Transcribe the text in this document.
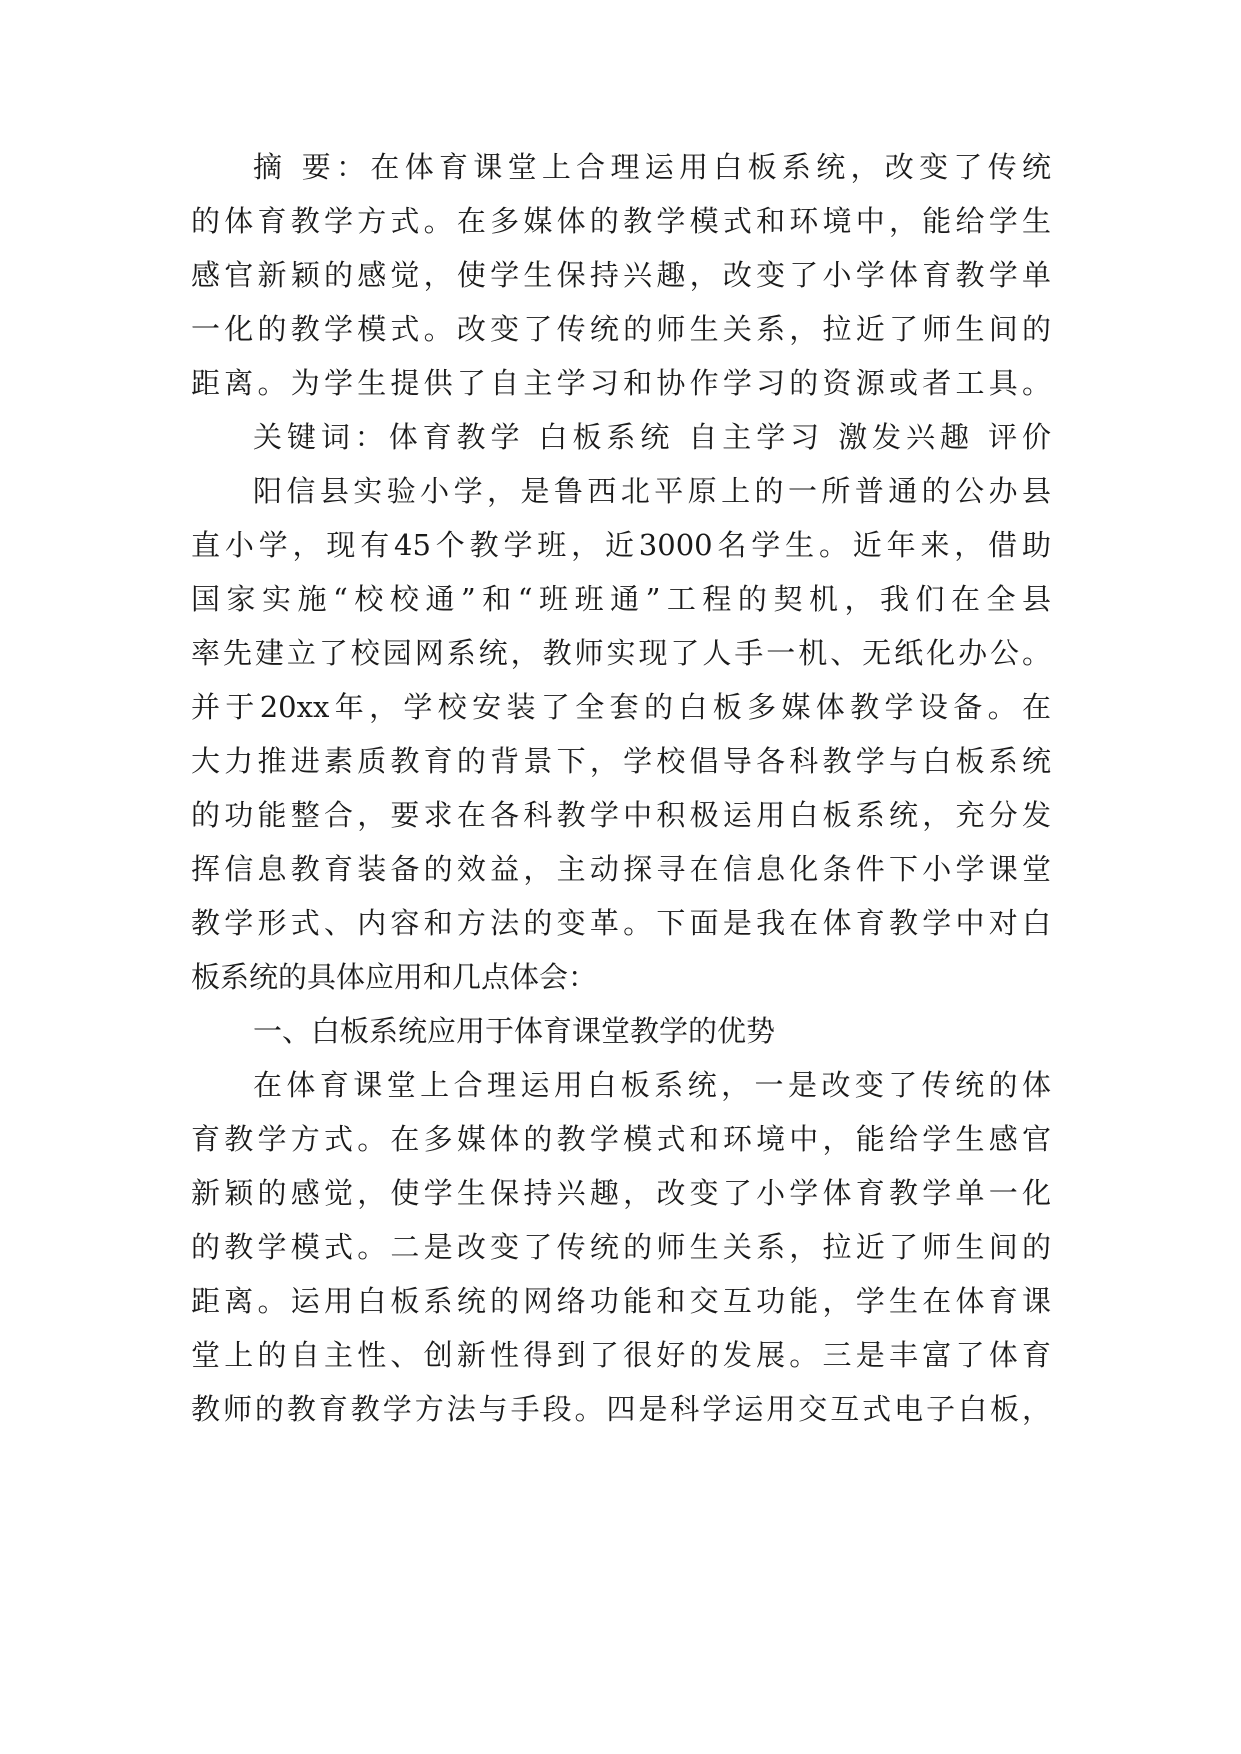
摘 要：在体育课堂上合理运用白板系统，改变了传统
的体育教学方式。在多媒体的教学模式和环境中，能给学生
感官新颖的感觉，使学生保持兴趣，改变了小学体育教学单
一化的教学模式。改变了传统的师生关系，拉近了师生间的
距离。为学生提供了自主学习和协作学习的资源或者工具。
关键词：体育教学 白板系统 自主学习 激发兴趣 评价
阳信县实验小学，是鲁西北平原上的一所普通的公办县
直小学，现有45个教学班，近3000名学生。近年来，借助
国家实施“校校通”和“班班通”工程的契机，我们在全县
率先建立了校园网系统，教师实现了人手一机、无纸化办公。
并于20xx年，学校安装了全套的白板多媒体教学设备。在
大力推进素质教育的背景下，学校倡导各科教学与白板系统
的功能整合，要求在各科教学中积极运用白板系统，充分发
挥信息教育装备的效益，主动探寻在信息化条件下小学课堂
教学形式、内容和方法的变革。下面是我在体育教学中对白
板系统的具体应用和几点体会：
一、白板系统应用于体育课堂教学的优势
在体育课堂上合理运用白板系统，一是改变了传统的体
育教学方式。在多媒体的教学模式和环境中，能给学生感官
新颖的感觉，使学生保持兴趣，改变了小学体育教学单一化
的教学模式。二是改变了传统的师生关系，拉近了师生间的
距离。运用白板系统的网络功能和交互功能，学生在体育课
堂上的自主性、创新性得到了很好的发展。三是丰富了体育
教师的教育教学方法与手段。四是科学运用交互式电子白板，
